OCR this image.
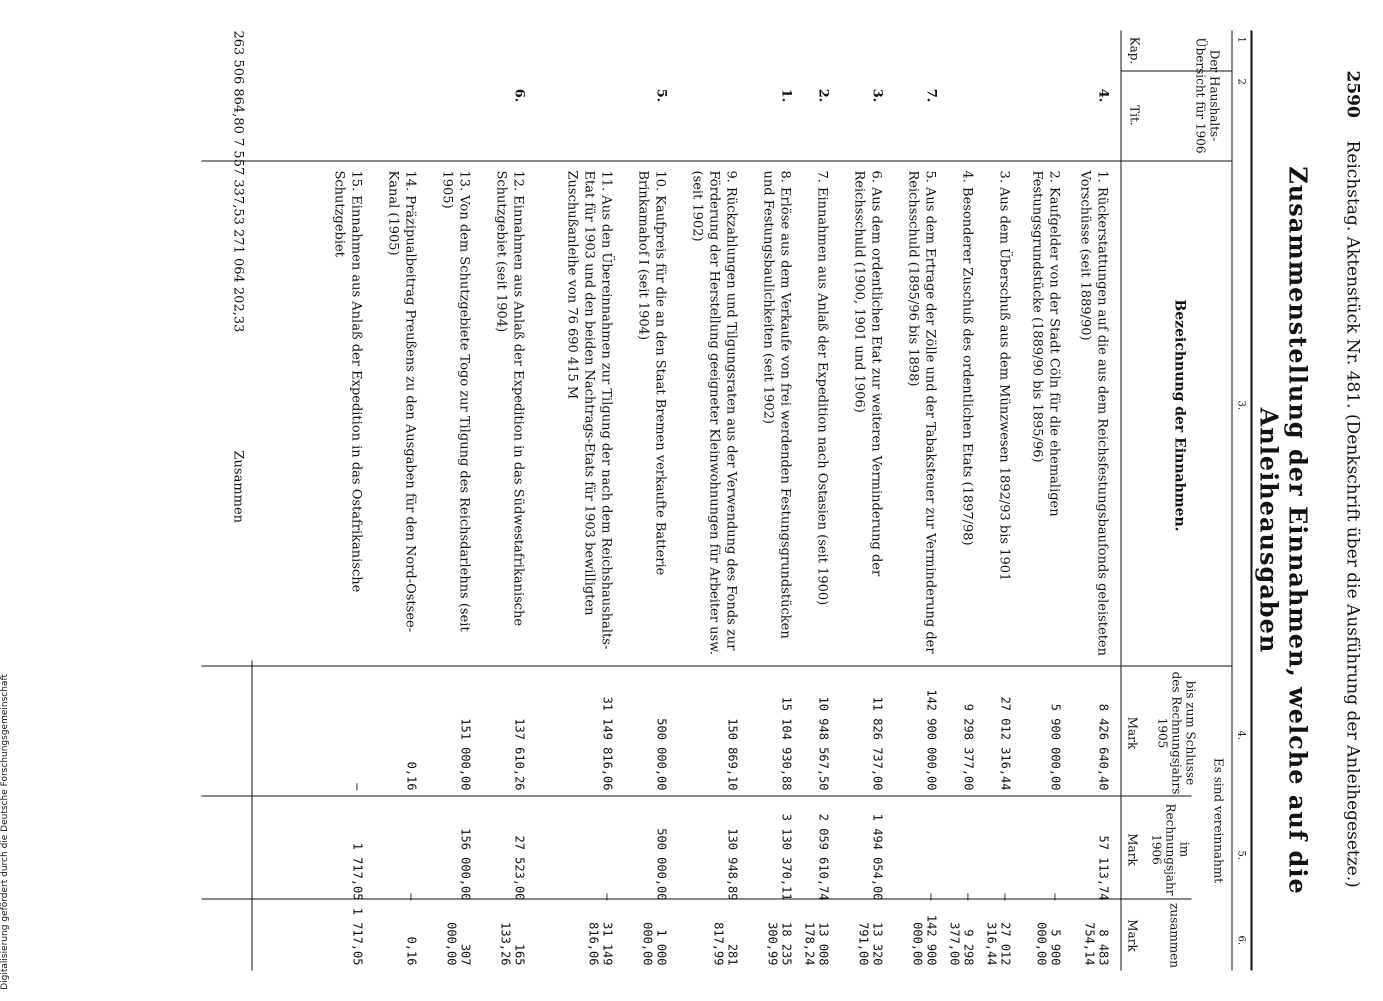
2590
Reichstag. Aktenstück Nr. 481. (Denkschrift über die Ausführung der Anleihegesetze.)
Zusammenstellung der Einnahmen, welche auf die Anleiheausgaben
1
2
3.
4.
5.
6.
Der Haushalts-Übersicht für 1906
Kap.
Tit.
Bezeichnung der Einnahmen.
Es sind vereinnahmt
bis zum Schlusse des Rechnungsjahrs 1905
im Rechnungsjahr 1906
zusammen
Mark
Mark
Mark
4.
1. Rückerstattungen auf die aus dem Reichsfestungsbaufonds geleisteten Vorschüsse (seit 1889/90)
8 426 640,40
57 113,74
8 483 754,14
2. Kaufgelder von der Stadt Cöln für die ehemaligen Festungsgrundstücke (1889/90 bis 1895/96)
5 900 000,00
—
5 900 000,00
3. Aus dem Überschuß aus dem Münzwesen 1892/93 bis 1901
27 012 316,44
—
27 012 316,44
4. Besonderer Zuschuß des ordentlichen Etats (1897/98)
9 298 377,00
—
9 298 377,00
7.
5. Aus dem Ertrage der Zölle und der Tabaksteuer zur Verminderung der Reichsschuld (1895/96 bis 1898)
142 900 000,00
—
142 900 000,00
3.
6. Aus dem ordentlichen Etat zur weiteren Verminderung der Reichsschuld (1900, 1901 und 1906)
11 826 737,00
1 494 054,00
13 320 791,00
2.
7. Einnahmen aus Anlaß der Expedition nach Ostasien (seit 1900)
10 948 567,50
2 059 610,74
13 008 178,24
1.
8. Erlöse aus dem Verkaufe von frei werdenden Festungsgrundstücken und Festungsbaulichkeiten (seit 1902)
15 104 930,88
3 130 370,11
18 235 300,99
9. Rückzahlungen und Tilgungsraten aus der Verwendung des Fonds zur Förderung der Herstellung geeigneter Kleinwohnungen für Arbeiter usw. (seit 1902)
150 869,10
130 948,89
281 817,99
5.
10. Kaufpreis für die an den Staat Bremen verkaufte Batterie Brinkamahof I (seit 1904)
500 000,00
500 000,00
1 000 000,00
11. Aus den Übereinnahmen zur Tilgung der nach dem Reichshaushalts-Etat für 1903 und den beiden Nachtrags-Etats für 1903 bewilligten Zuschußanleihe von 76 690 415 M
31 149 816,06
—
31 149 816,06
6.
12. Einnahmen aus Anlaß der Expedition in das Südwestafrikanische Schutzgebiet (seit 1904)
137 610,26
27 523,00
165 133,26
13. Von dem Schutzgebiete Togo zur Tilgung des Reichsdarlehns (seit 1905)
151 000,00
156 000,00
307 000,00
14. Präzipualbeitrag Preußens zu den Ausgaben für den Nord-Ostsee-Kanal (1905)
0,16
—
0,16
15. Einnahmen aus Anlaß der Expedition in das Ostafrikanische Schutzgebiet
—
1 717,05
1 717,05
Zusammen
263 506 864,80 7 557 337,53 271 064 202,33
Digitalisierung gefördert durch die Deutsche Forschungsgemeinschaft
